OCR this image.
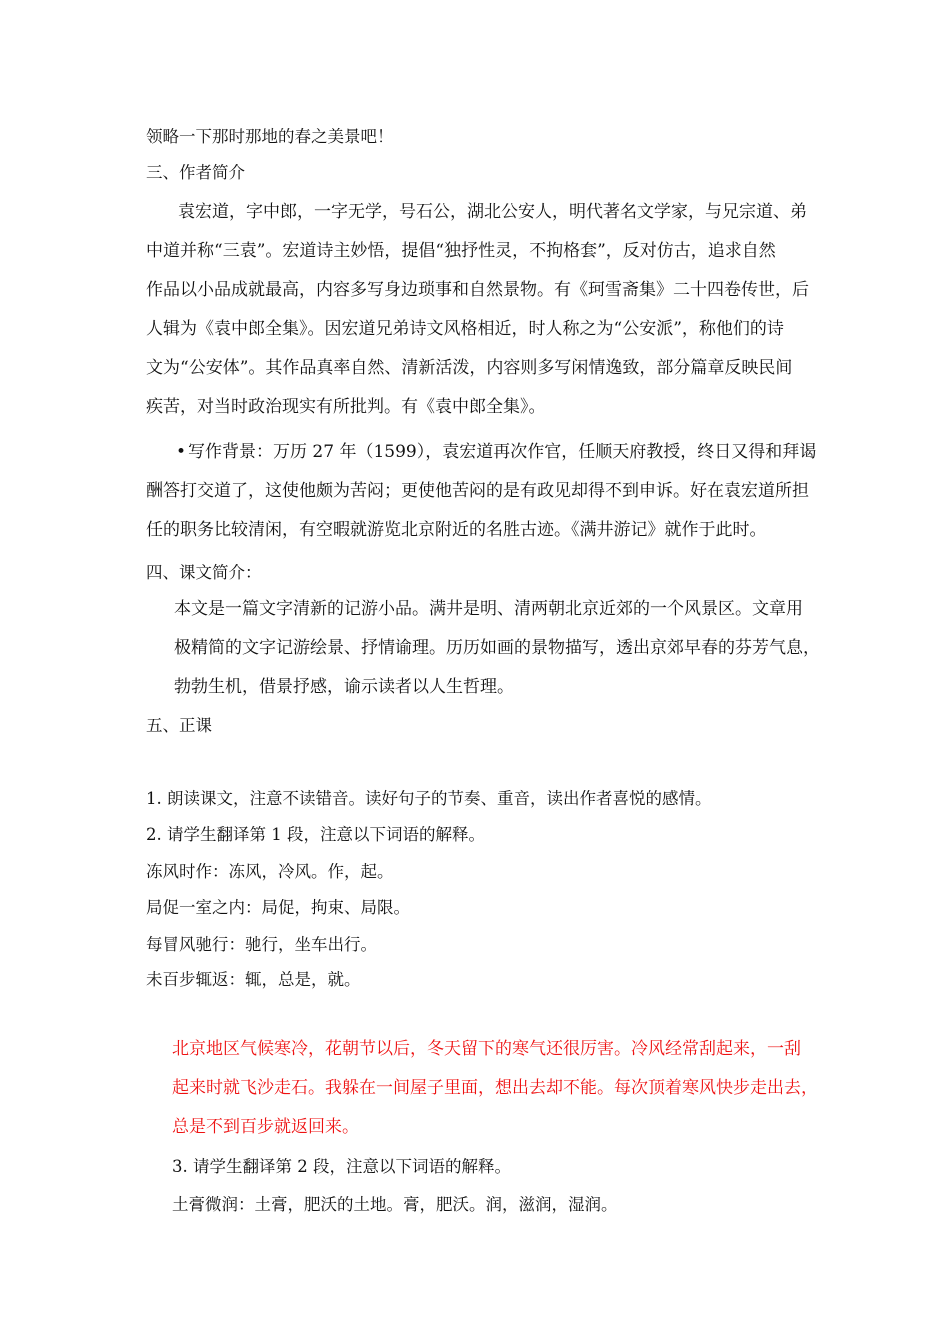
领略一下那时那地的春之美景吧！
三、作者简介
袁宏道，字中郎，一字无学，号石公，湖北公安人，明代著名文学家，与兄宗道、弟
中道并称“三袁”。宏道诗主妙悟，提倡“独抒性灵，不拘格套”，反对仿古，追求自然
作品以小品成就最高，内容多写身边琐事和自然景物。有《珂雪斋集》二十四卷传世，后
人辑为《袁中郎全集》。因宏道兄弟诗文风格相近，时人称之为“公安派”，称他们的诗
文为“公安体”。其作品真率自然、清新活泼，内容则多写闲情逸致，部分篇章反映民间
疾苦，对当时政治现实有所批判。有《袁中郎全集》。
• 写作背景：万历 27 年（1599），袁宏道再次作官，任顺天府教授，终日又得和拜谒
酬答打交道了，这使他颇为苦闷；更使他苦闷的是有政见却得不到申诉。好在袁宏道所担
任的职务比较清闲，有空暇就游览北京附近的名胜古迹。《满井游记》就作于此时。
四、课文简介：
本文是一篇文字清新的记游小品。满井是明、清两朝北京近郊的一个风景区。文章用
极精简的文字记游绘景、抒情谕理。历历如画的景物描写，透出京郊早春的芬芳气息，
勃勃生机，借景抒感，谕示读者以人生哲理。
五、正课
1. 朗读课文，注意不读错音。读好句子的节奏、重音，读出作者喜悦的感情。
2. 请学生翻译第 1 段，注意以下词语的解释。
冻风时作：冻风，冷风。作，起。
局促一室之内：局促，拘束、局限。
每冒风驰行：驰行，坐车出行。
未百步辄返：辄，总是，就。
北京地区气候寒冷，花朝节以后，冬天留下的寒气还很厉害。冷风经常刮起来，一刮
起来时就飞沙走石。我躲在一间屋子里面，想出去却不能。每次顶着寒风快步走出去，
总是不到百步就返回来。
3. 请学生翻译第 2 段，注意以下词语的解释。
土膏微润：土膏，肥沃的土地。膏，肥沃。润，滋润，湿润。
